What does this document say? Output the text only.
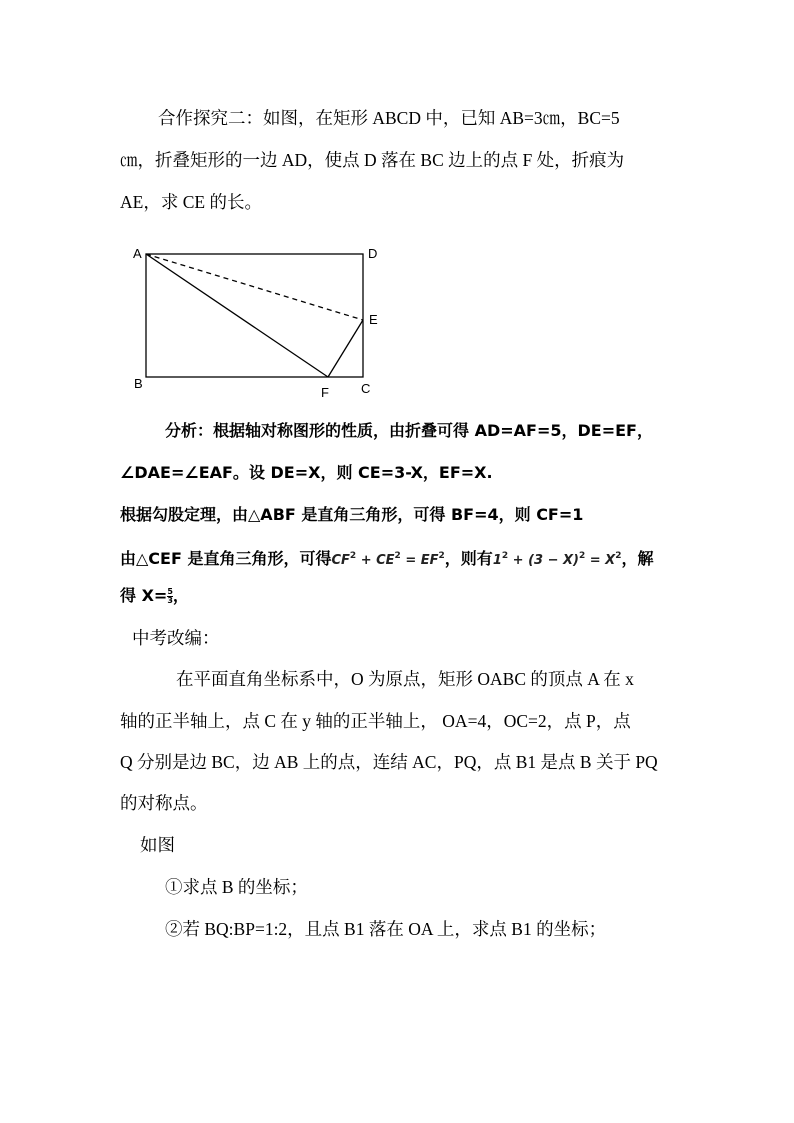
合作探究二：如图，在矩形 ABCD 中，已知 AB=3㎝，BC=5
㎝，折叠矩形的一边 AD，使点 D 落在 BC 边上的点 F 处，折痕为
AE，求 CE 的长。
A	D
E
B
F C
分析：根据轴对称图形的性质，由折叠可得 AD=AF=5，DE=EF，
∠DAE=∠EAF。设 DE=X，则 CE=3-X，EF=X.
根据勾股定理，由△ABF 是直角三角形，可得 BF=4，则 CF=1
由△CEF 是直角三角形，可得$CF^2 + CE^2 = EF^2$，则有$1^2 + (3 - X)^2 = X^2$，解
得 $X= \frac{5}{3}$ ，
中考改编：
在平面直角坐标系中，O 为原点，矩形 OABC 的顶点 A 在 x
轴的正半轴上，点 C 在 y 轴的正半轴上， OA=4，OC=2，点 P，点
Q 分别是边 BC，边 AB 上的点，连结 AC，PQ，点 B1 是点 B 关于 PQ
的对称点。
如图
①求点 B 的坐标；
②若 BQ:BP=1:2，且点 B1 落在 OA 上，求点 B1 的坐标；
